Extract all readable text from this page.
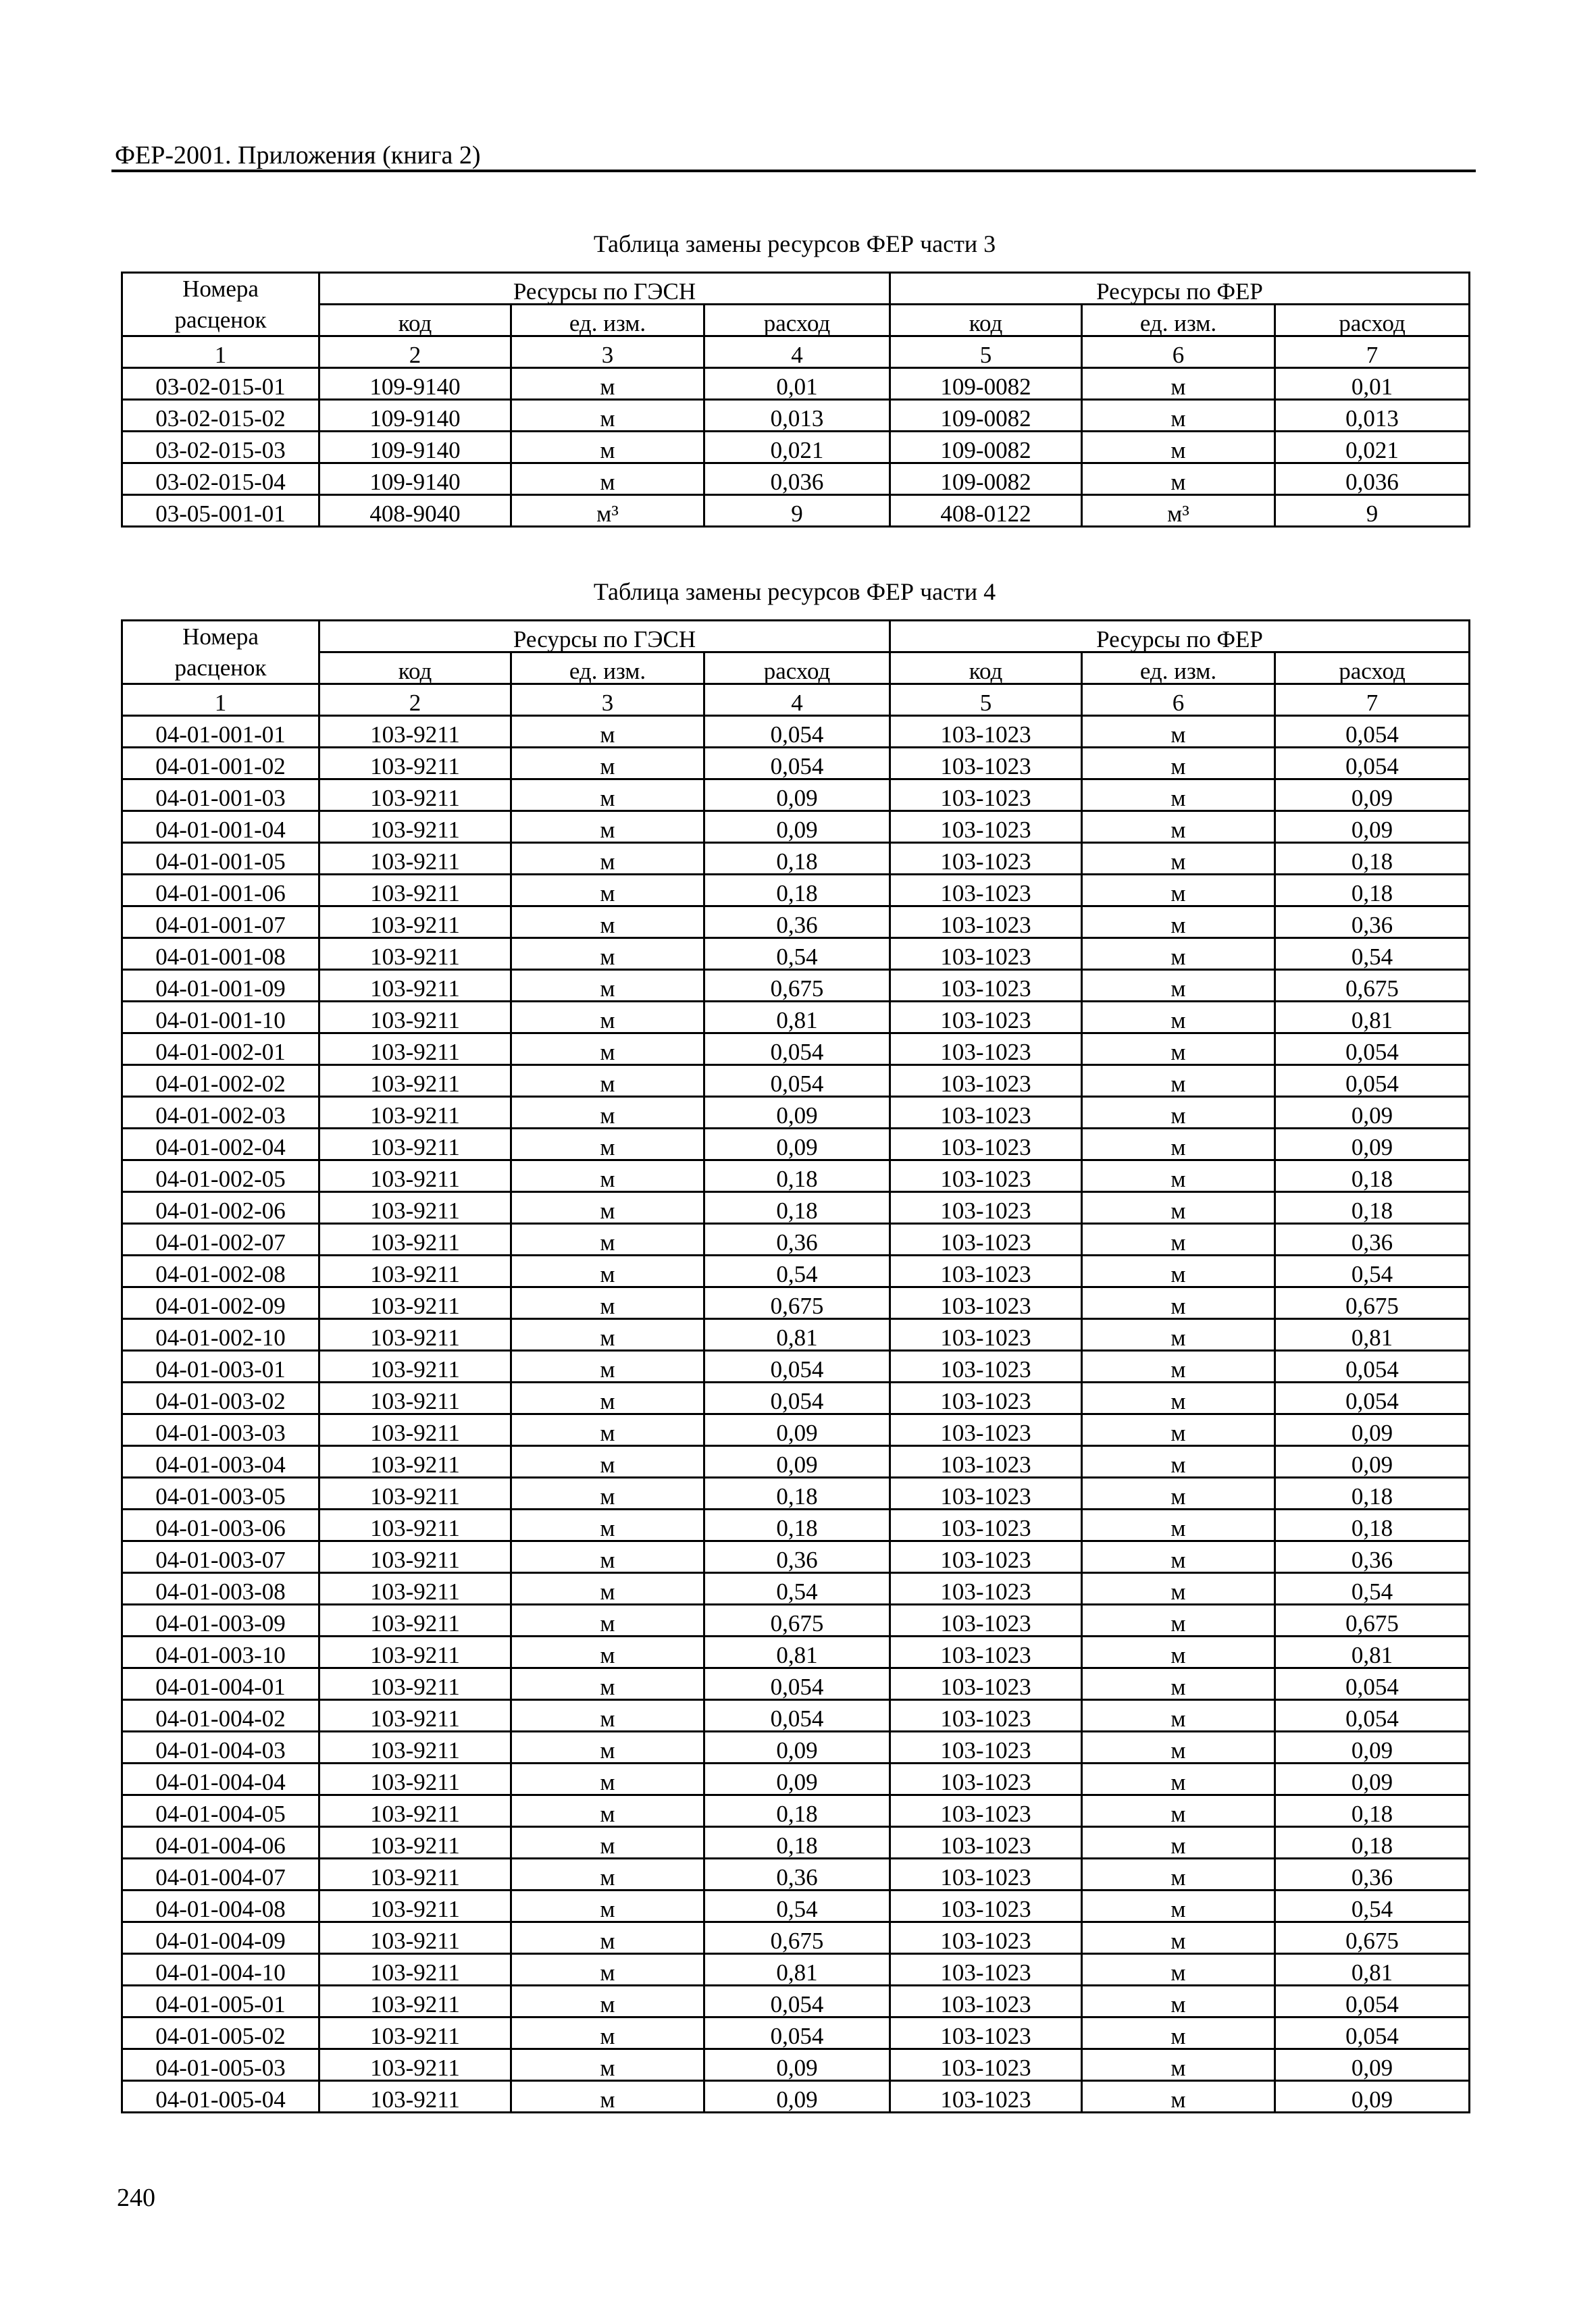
ФЕР-2001. Приложения (книга 2)
Таблица замены ресурсов ФЕР части 3
Номера
расценок	Ресурсы по ГЭСН			Ресурсы по ФЕР		
	код	ед. изм.	расход	код	ед. изм.	расход
1	2	3	4	5	6	7
03-02-015-01	109-9140	м	0,01	109-0082	м	0,01
03-02-015-02	109-9140	м	0,013	109-0082	м	0,013
03-02-015-03	109-9140	м	0,021	109-0082	м	0,021
03-02-015-04	109-9140	м	0,036	109-0082	м	0,036
03-05-001-01	408-9040	м³	9	408-0122	м³	9
Таблица замены ресурсов ФЕР части 4
Номера
расценок	Ресурсы по ГЭСН			Ресурсы по ФЕР		
	код	ед. изм.	расход	код	ед. изм.	расход
1	2	3	4	5	6	7
04-01-001-01	103-9211	м	0,054	103-1023	м	0,054
04-01-001-02	103-9211	м	0,054	103-1023	м	0,054
04-01-001-03	103-9211	м	0,09	103-1023	м	0,09
04-01-001-04	103-9211	м	0,09	103-1023	м	0,09
04-01-001-05	103-9211	м	0,18	103-1023	м	0,18
04-01-001-06	103-9211	м	0,18	103-1023	м	0,18
04-01-001-07	103-9211	м	0,36	103-1023	м	0,36
04-01-001-08	103-9211	м	0,54	103-1023	м	0,54
04-01-001-09	103-9211	м	0,675	103-1023	м	0,675
04-01-001-10	103-9211	м	0,81	103-1023	м	0,81
04-01-002-01	103-9211	м	0,054	103-1023	м	0,054
04-01-002-02	103-9211	м	0,054	103-1023	м	0,054
04-01-002-03	103-9211	м	0,09	103-1023	м	0,09
04-01-002-04	103-9211	м	0,09	103-1023	м	0,09
04-01-002-05	103-9211	м	0,18	103-1023	м	0,18
04-01-002-06	103-9211	м	0,18	103-1023	м	0,18
04-01-002-07	103-9211	м	0,36	103-1023	м	0,36
04-01-002-08	103-9211	м	0,54	103-1023	м	0,54
04-01-002-09	103-9211	м	0,675	103-1023	м	0,675
04-01-002-10	103-9211	м	0,81	103-1023	м	0,81
04-01-003-01	103-9211	м	0,054	103-1023	м	0,054
04-01-003-02	103-9211	м	0,054	103-1023	м	0,054
04-01-003-03	103-9211	м	0,09	103-1023	м	0,09
04-01-003-04	103-9211	м	0,09	103-1023	м	0,09
04-01-003-05	103-9211	м	0,18	103-1023	м	0,18
04-01-003-06	103-9211	м	0,18	103-1023	м	0,18
04-01-003-07	103-9211	м	0,36	103-1023	м	0,36
04-01-003-08	103-9211	м	0,54	103-1023	м	0,54
04-01-003-09	103-9211	м	0,675	103-1023	м	0,675
04-01-003-10	103-9211	м	0,81	103-1023	м	0,81
04-01-004-01	103-9211	м	0,054	103-1023	м	0,054
04-01-004-02	103-9211	м	0,054	103-1023	м	0,054
04-01-004-03	103-9211	м	0,09	103-1023	м	0,09
04-01-004-04	103-9211	м	0,09	103-1023	м	0,09
04-01-004-05	103-9211	м	0,18	103-1023	м	0,18
04-01-004-06	103-9211	м	0,18	103-1023	м	0,18
04-01-004-07	103-9211	м	0,36	103-1023	м	0,36
04-01-004-08	103-9211	м	0,54	103-1023	м	0,54
04-01-004-09	103-9211	м	0,675	103-1023	м	0,675
04-01-004-10	103-9211	м	0,81	103-1023	м	0,81
04-01-005-01	103-9211	м	0,054	103-1023	м	0,054
04-01-005-02	103-9211	м	0,054	103-1023	м	0,054
04-01-005-03	103-9211	м	0,09	103-1023	м	0,09
04-01-005-04	103-9211	м	0,09	103-1023	м	0,09
240
